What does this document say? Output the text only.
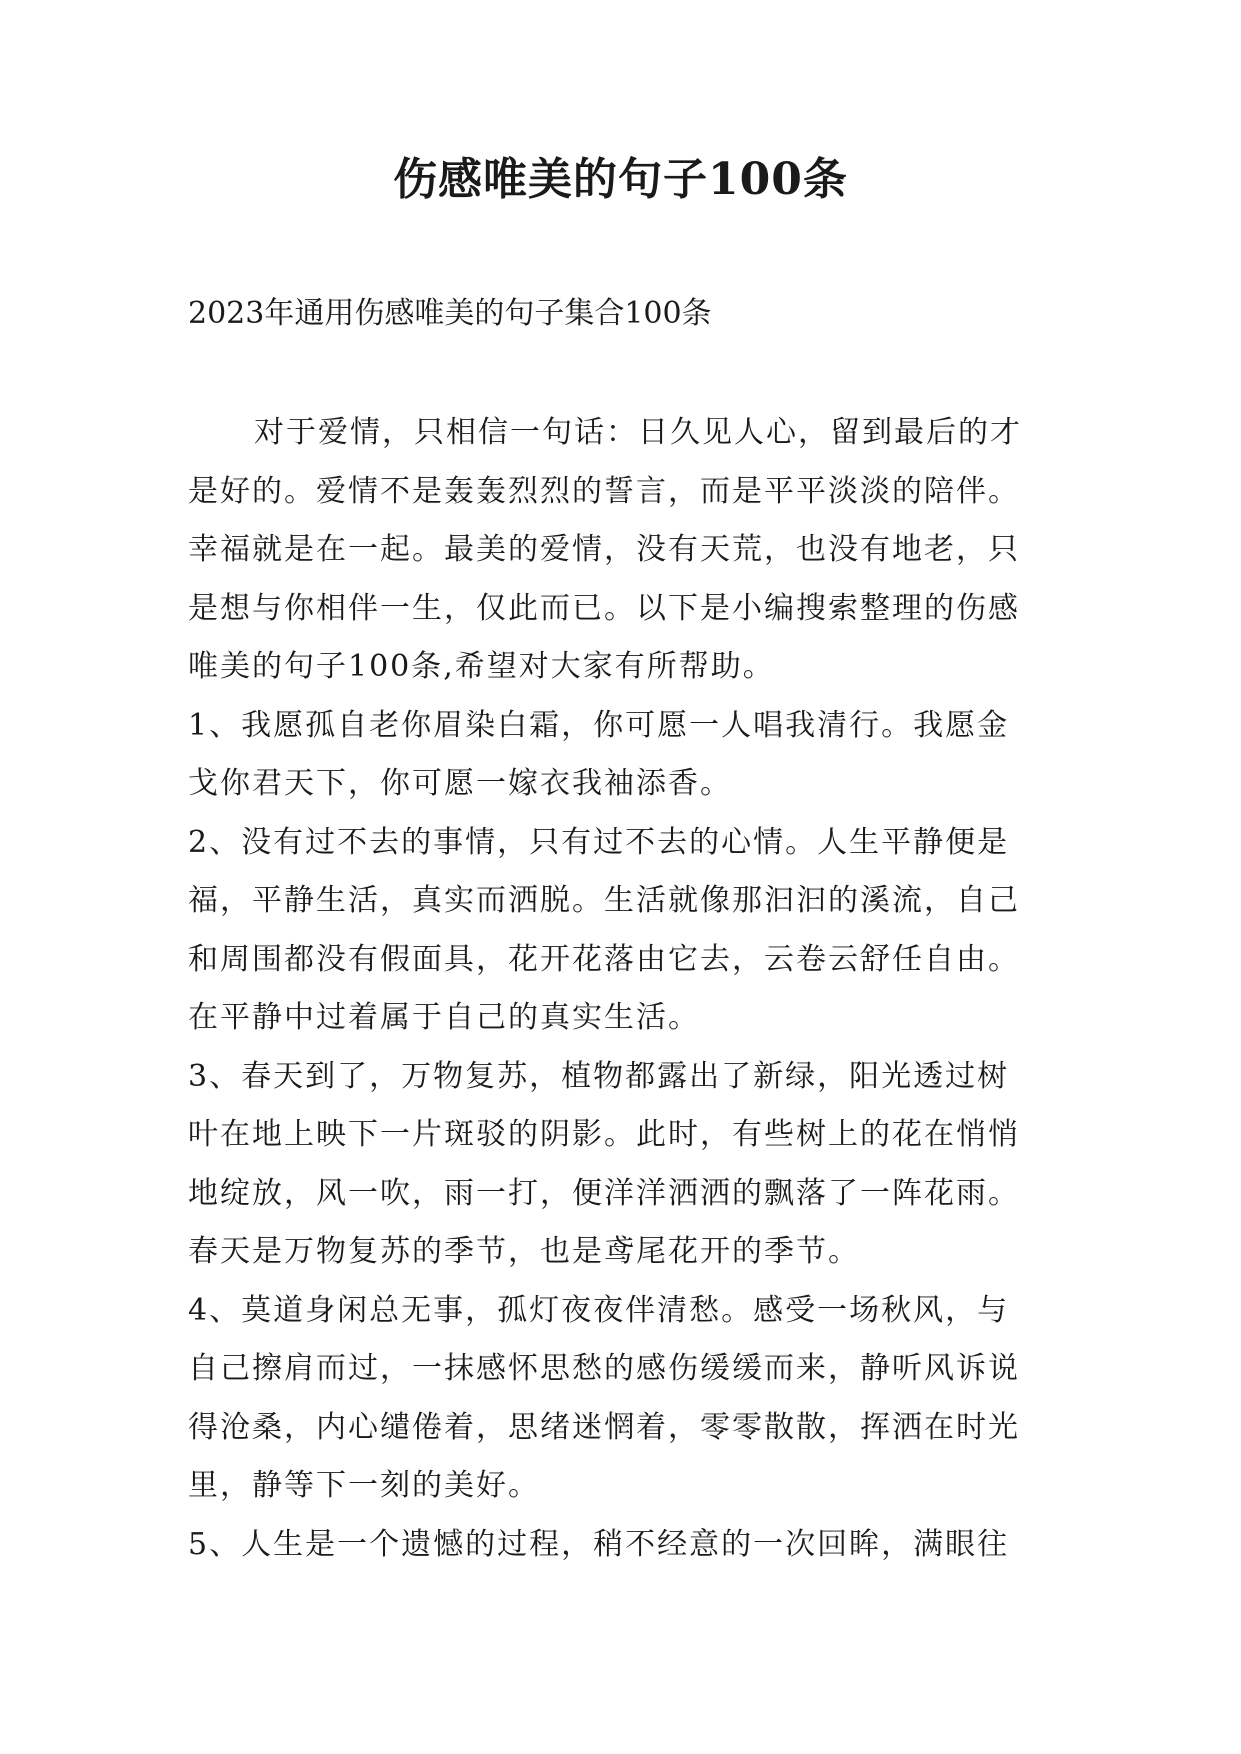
伤感唯美的句子100条
2023年通用伤感唯美的句子集合100条
对于爱情，只相信一句话：日久见人心，留到最后的才
是好的。爱情不是轰轰烈烈的誓言，而是平平淡淡的陪伴。
幸福就是在一起。最美的爱情，没有天荒，也没有地老，只
是想与你相伴一生，仅此而已。以下是小编搜索整理的伤感
唯美的句子100条,希望对大家有所帮助。
1、我愿孤自老你眉染白霜，你可愿一人唱我清行。我愿金
戈你君天下，你可愿一嫁衣我袖添香。
2、没有过不去的事情，只有过不去的心情。人生平静便是
福，平静生活，真实而洒脱。生活就像那汩汩的溪流，自己
和周围都没有假面具，花开花落由它去，云卷云舒任自由。
在平静中过着属于自己的真实生活。
3、春天到了，万物复苏，植物都露出了新绿，阳光透过树
叶在地上映下一片斑驳的阴影。此时，有些树上的花在悄悄
地绽放，风一吹，雨一打，便洋洋洒洒的飘落了一阵花雨。
春天是万物复苏的季节，也是鸢尾花开的季节。
4、莫道身闲总无事，孤灯夜夜伴清愁。感受一场秋风，与
自己擦肩而过，一抹感怀思愁的感伤缓缓而来，静听风诉说
得沧桑，内心缱倦着，思绪迷惘着，零零散散，挥洒在时光
里，静等下一刻的美好。
5、人生是一个遗憾的过程，稍不经意的一次回眸，满眼往
